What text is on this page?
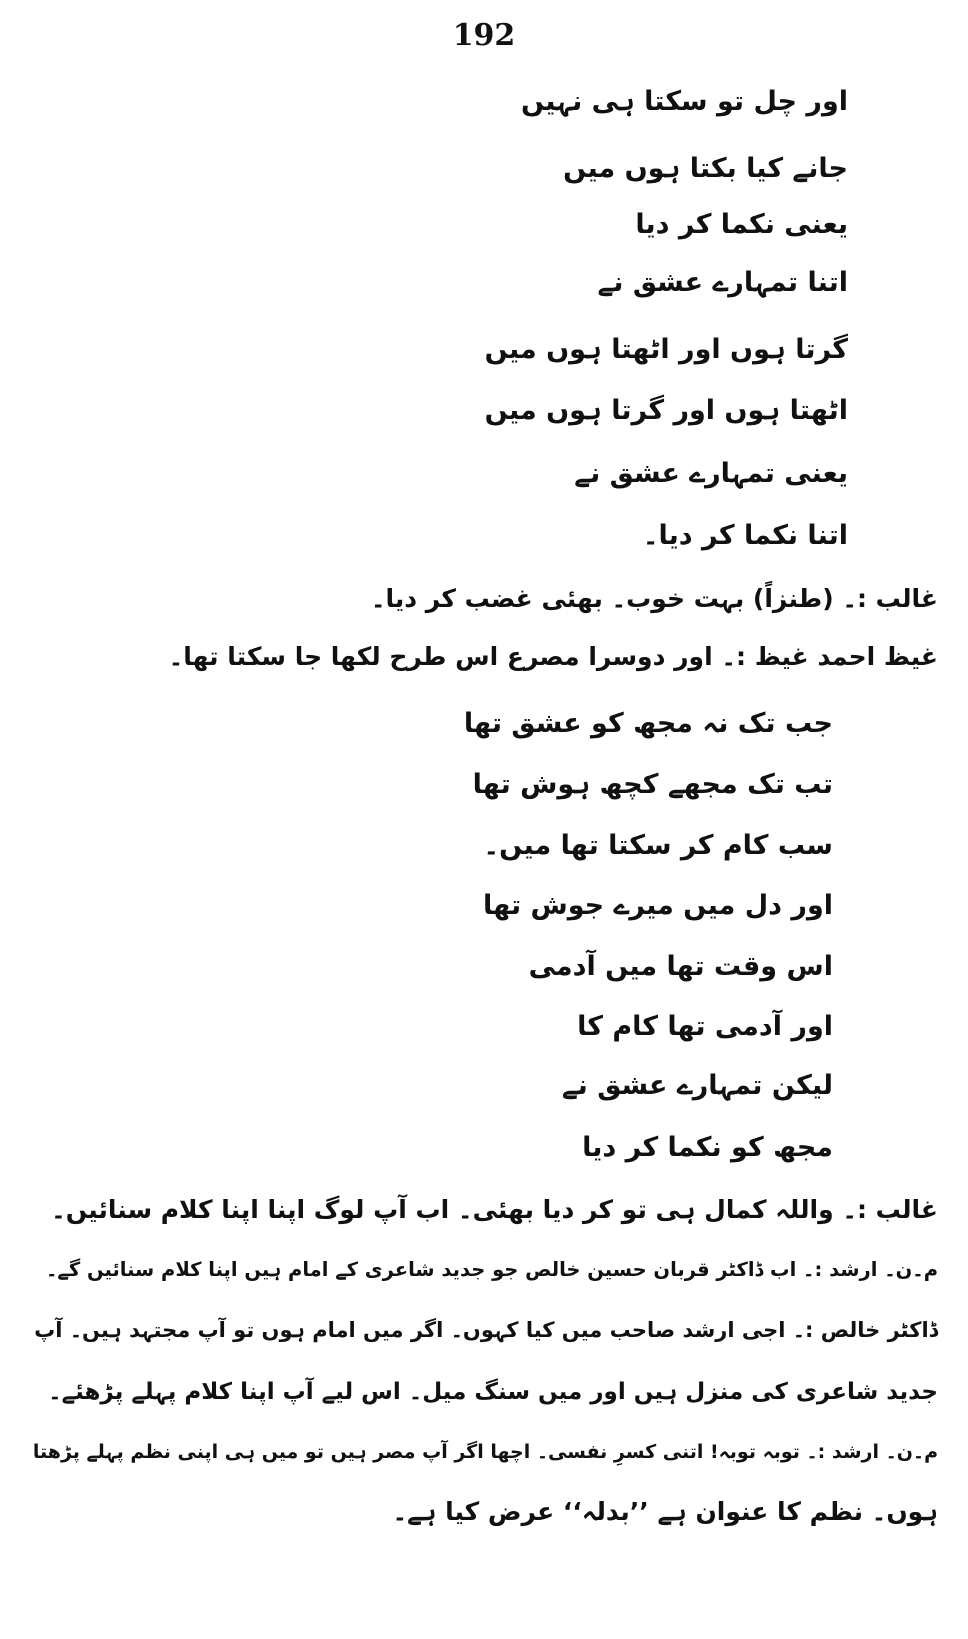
192
اور چل تو سکتا ہی نہیں
جانے کیا بکتا ہوں میں
یعنی نکما کر دیا
اتنا تمہارے عشق نے
گرتا ہوں اور اٹھتا ہوں میں
اٹھتا ہوں اور گرتا ہوں میں
یعنی تمہارے عشق نے
اتنا نکما کر دیا۔
غالب :۔ (طنزاً) بہت خوب۔ بھئی غضب کر دیا۔
غیظ احمد غیظ :۔ اور دوسرا مصرع اس طرح لکھا جا سکتا تھا۔
جب تک نہ مجھ کو عشق تھا
تب تک مجھے کچھ ہوش تھا
سب کام کر سکتا تھا میں۔
اور دل میں میرے جوش تھا
اس وقت تھا میں آدمی
اور آدمی تھا کام کا
لیکن تمہارے عشق نے
مجھ کو نکما کر دیا
غالب :۔ واللہ کمال ہی تو کر دیا بھئی۔ اب آپ لوگ اپنا اپنا کلام سنائیں۔
م۔ن۔ ارشد :۔ اب ڈاکٹر قربان حسین خالص جو جدید شاعری کے امام ہیں اپنا کلام سنائیں گے۔
ڈاکٹر خالص :۔ اجی ارشد صاحب میں کیا کہوں۔ اگر میں امام ہوں تو آپ مجتہد ہیں۔ آپ
جدید شاعری کی منزل ہیں اور میں سنگ میل۔ اس لیے آپ اپنا کلام پہلے پڑھئے۔
م۔ن۔ ارشد :۔ توبہ توبہ! اتنی کسرِ نفسی۔ اچھا اگر آپ مصر ہیں تو میں ہی اپنی نظم پہلے پڑھتا
ہوں۔ نظم کا عنوان ہے ’’بدلہ‘‘ عرض کیا ہے۔
